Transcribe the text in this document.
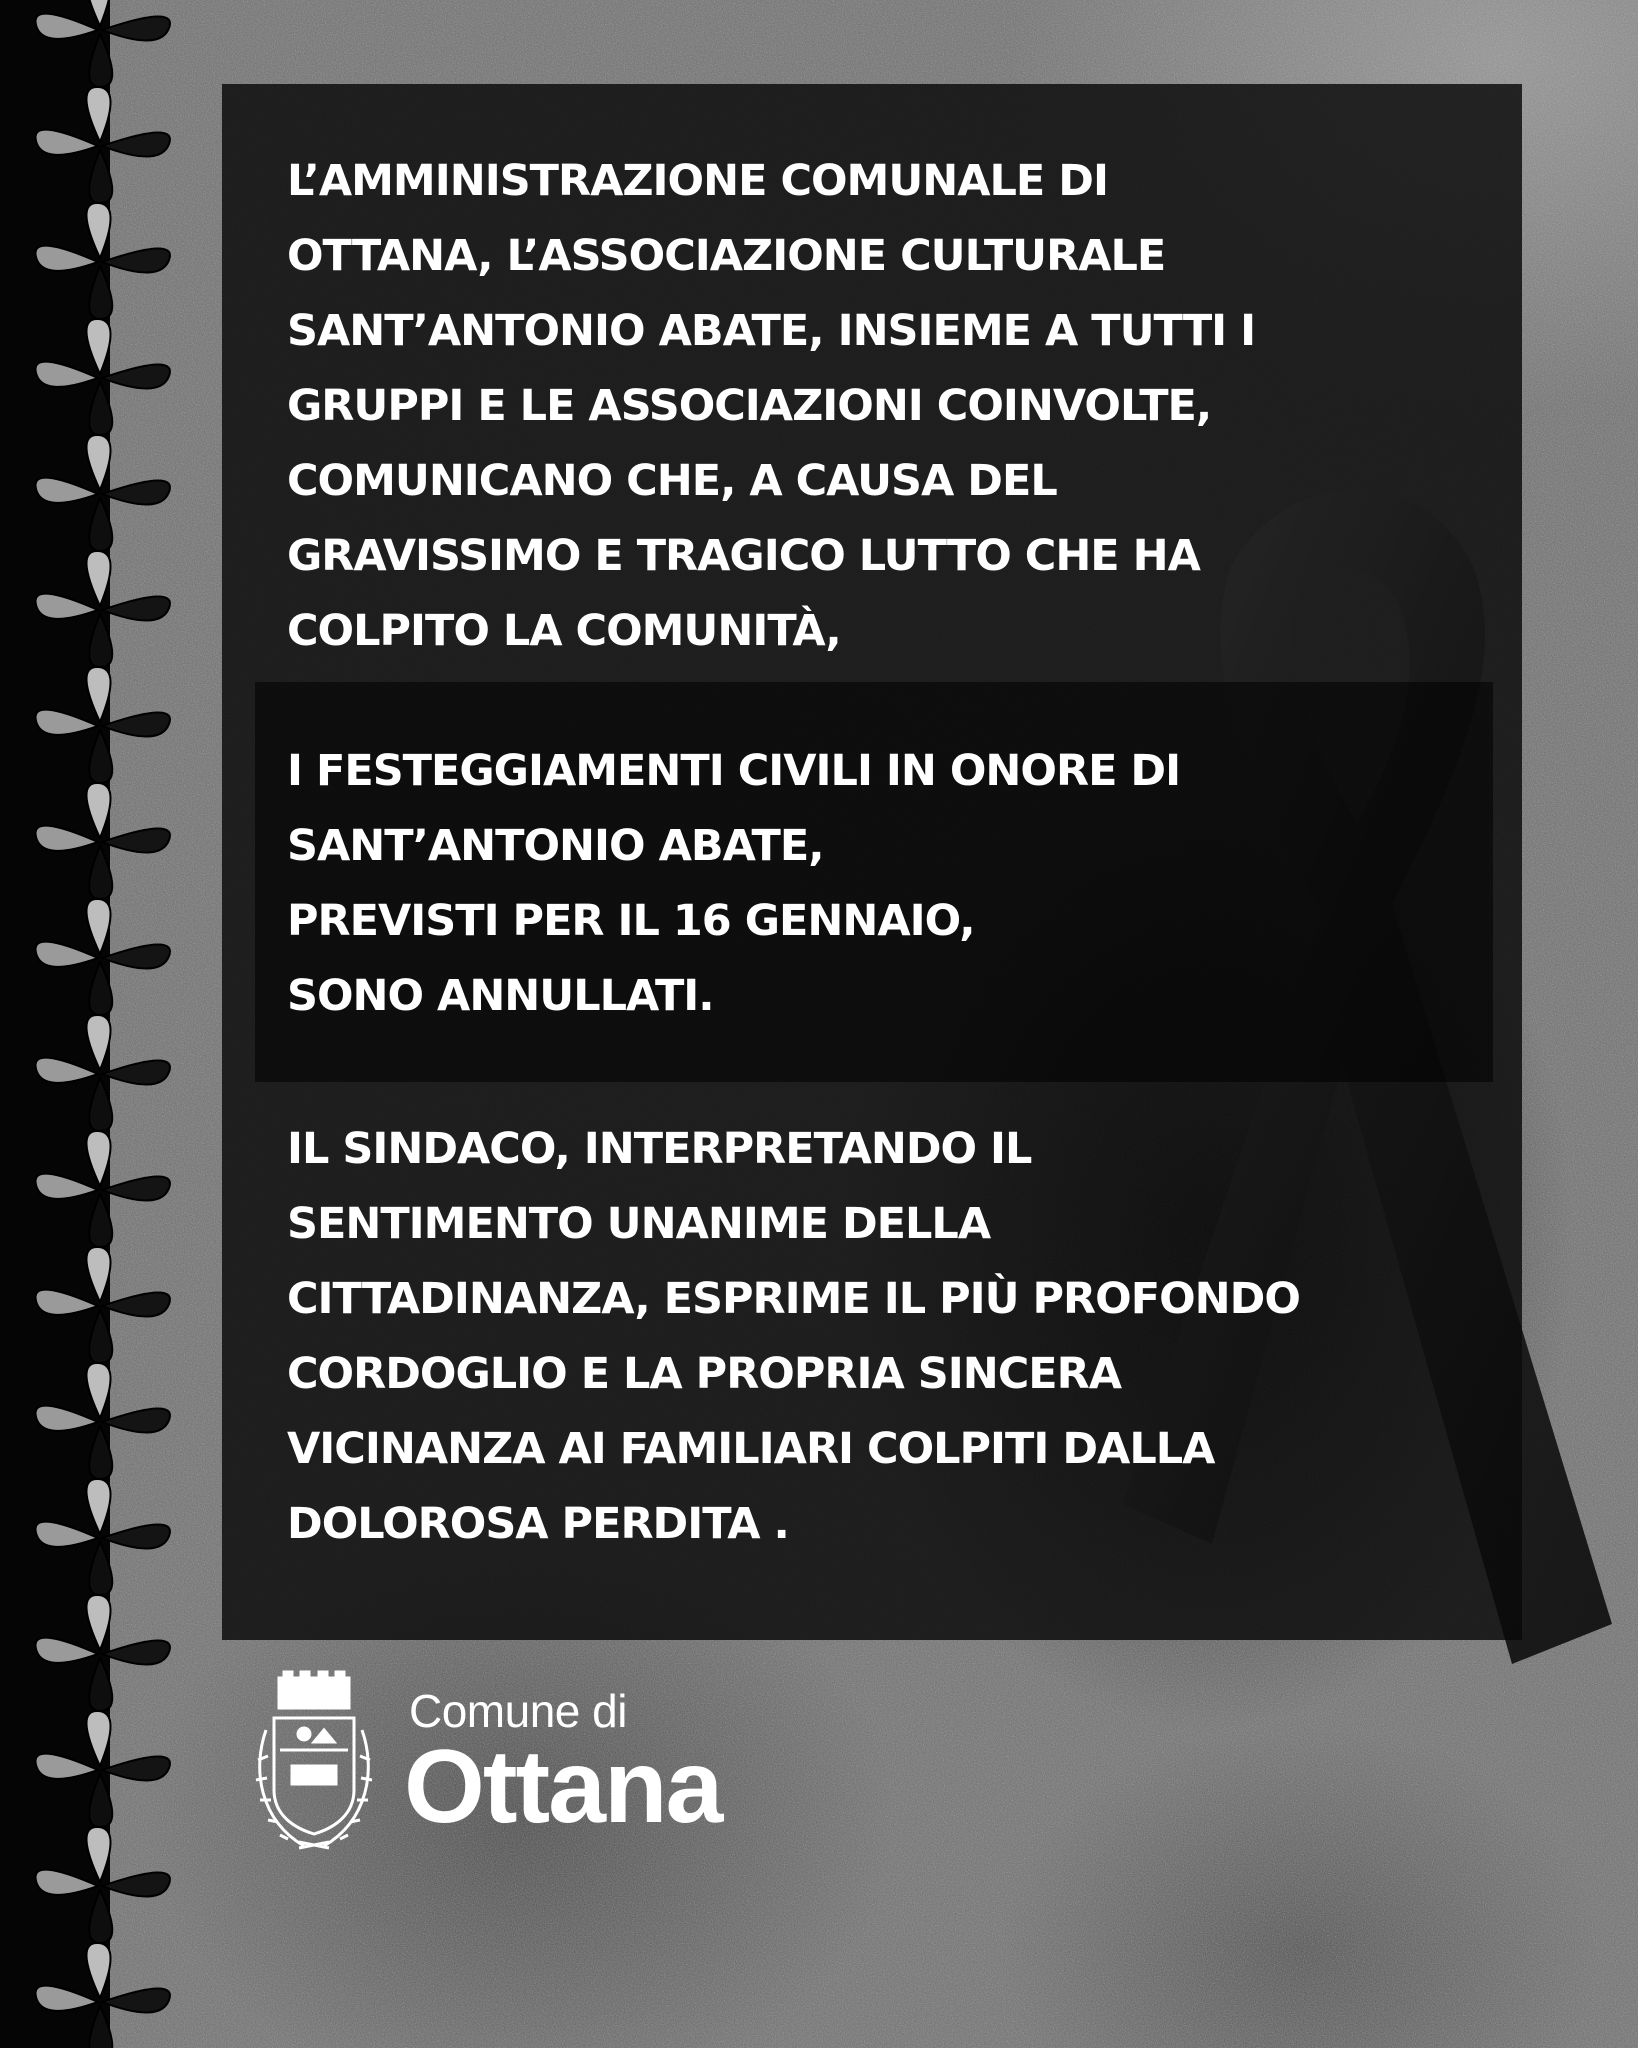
L’AMMINISTRAZIONE COMUNALE DI
OTTANA, L’ASSOCIAZIONE CULTURALE
SANT’ANTONIO ABATE, INSIEME A TUTTI I
GRUPPI E LE ASSOCIAZIONI COINVOLTE,
COMUNICANO CHE, A CAUSA DEL
GRAVISSIMO E TRAGICO LUTTO CHE HA
COLPITO LA COMUNITÀ,
I FESTEGGIAMENTI CIVILI IN ONORE DI
SANT’ANTONIO ABATE,
PREVISTI PER IL 16 GENNAIO,
SONO ANNULLATI.
IL SINDACO, INTERPRETANDO IL
SENTIMENTO UNANIME DELLA
CITTADINANZA, ESPRIME IL PIÙ PROFONDO
CORDOGLIO E LA PROPRIA SINCERA
VICINANZA AI FAMILIARI COLPITI DALLA
DOLOROSA PERDITA .
Comune di
Ottana
